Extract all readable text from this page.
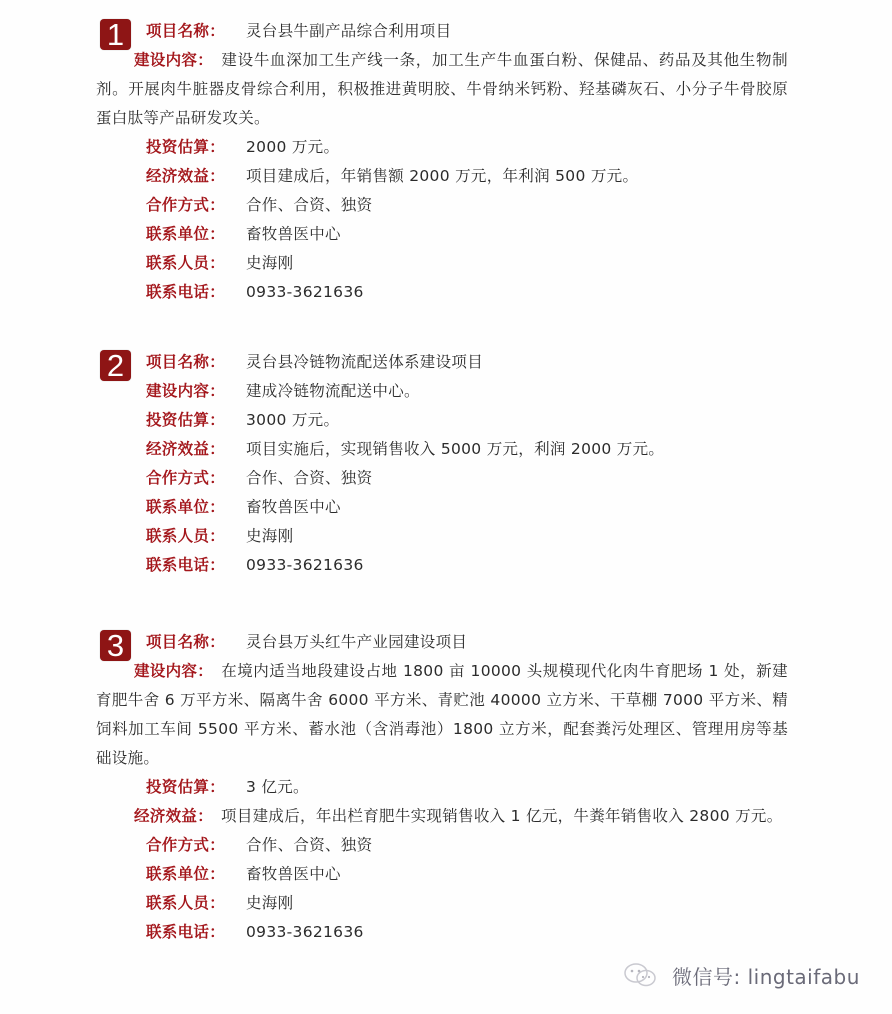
1	项目名称： 灵台县牛副产品综合利用项目
建设内容： 建设牛血深加工生产线一条，加工生产牛血蛋白粉、保健品、药品及其他生物制剂。开展肉牛脏器皮骨综合利用，积极推进黄明胶、牛骨纳米钙粉、羟基磷灰石、小分子牛骨胶原蛋白肽等产品研发攻关。
投资估算： 2000 万元。
经济效益： 项目建成后，年销售额 2000 万元，年利润 500 万元。
合作方式： 合作、合资、独资
联系单位： 畜牧兽医中心
联系人员： 史海刚
联系电话： 0933-3621636
2	项目名称： 灵台县冷链物流配送体系建设项目
建设内容： 建成冷链物流配送中心。
投资估算： 3000 万元。
经济效益： 项目实施后，实现销售收入 5000 万元，利润 2000 万元。
合作方式： 合作、合资、独资
联系单位： 畜牧兽医中心
联系人员： 史海刚
联系电话： 0933-3621636
3	项目名称： 灵台县万头红牛产业园建设项目
建设内容： 在境内适当地段建设占地 1800 亩 10000 头规模现代化肉牛育肥场 1 处，新建育肥牛舍 6 万平方米、隔离牛舍 6000 平方米、青贮池 40000 立方米、干草棚 7000 平方米、精饲料加工车间 5500 平方米、蓄水池（含消毒池）1800 立方米，配套粪污处理区、管理用房等基础设施。
投资估算： 3 亿元。
经济效益： 项目建成后，年出栏育肥牛实现销售收入 1 亿元，牛粪年销售收入 2800 万元。
合作方式： 合作、合资、独资
联系单位： 畜牧兽医中心
联系人员： 史海刚
联系电话： 0933-3621636
微信号: lingtaifabu
